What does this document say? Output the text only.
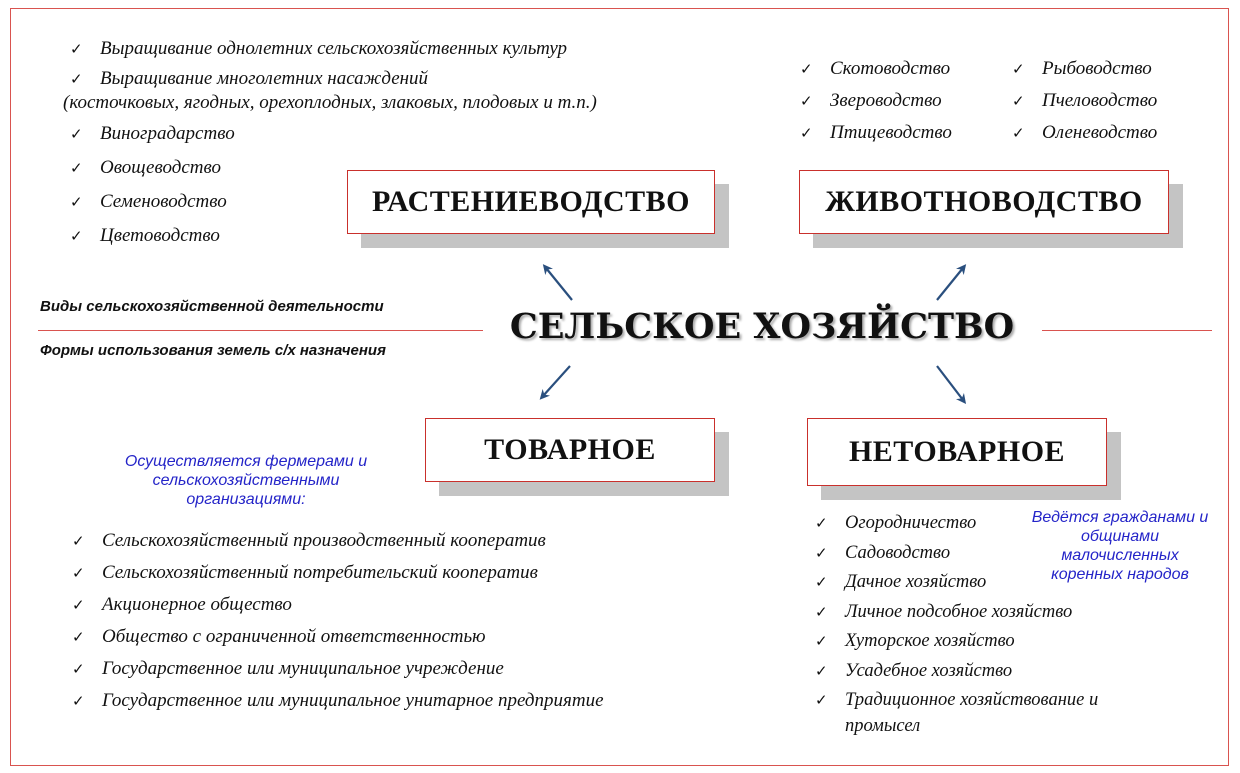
✓ Выращивание однолетних сельскохозяйственных культур
✓ Выращивание многолетних насаждений
(косточковых, ягодных, орехоплодных, злаковых, плодовых и т.п.)
✓ Виноградарство
✓ Овощеводство
✓ Семеноводство
✓ Цветоводство
✓ Скотоводство
✓ Звероводство
✓ Птицеводство
✓ Рыбоводство
✓ Пчеловодство
✓ Оленеводство
РАСТЕНИЕВОДСТВО	ЖИВОТНОВОДСТВО
ТОВАРНОЕ	НЕТОВАРНОЕ
СЕЛЬСКОЕ ХОЗЯЙСТВО
Виды сельскохозяйственной деятельности
Формы использования земель с/х назначения
Осуществляется фермерами и сельскохозяйственными организациями:
✓ Сельскохозяйственный производственный кооператив
✓ Сельскохозяйственный потребительский кооператив
✓ Акционерное общество
✓ Общество с ограниченной ответственностью
✓ Государственное или муниципальное учреждение
✓ Государственное или муниципальное унитарное предприятие
✓ Огородничество
✓ Садоводство
✓ Дачное хозяйство
✓ Личное подсобное хозяйство
✓ Хуторское хозяйство
✓ Усадебное хозяйство
✓ Традиционное хозяйствование и
промысел
Ведётся гражданами и общинами малочисленных коренных народов
